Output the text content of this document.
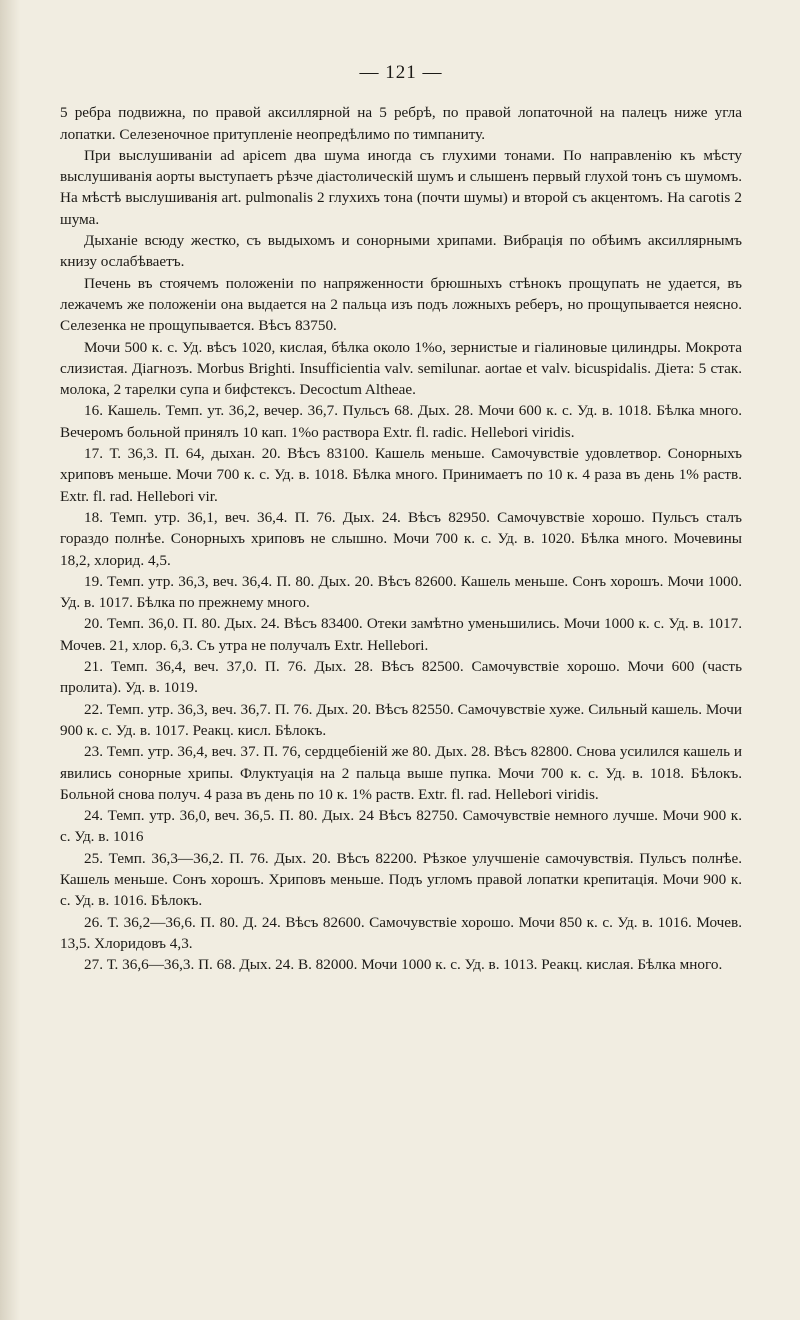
— 121 —

5 ребра подвижна, по правой аксиллярной на 5 ребрѣ, по правой лопаточной на палецъ ниже угла лопатки. Селезеночное притупленіе неопредѣлимо по тимпаниту.

При выслушиваніи ad apicem два шума иногда съ глухими тонами. По направленію къ мѣсту выслушиванія аорты выступаетъ рѣзче діастолическій шумъ и слышенъ первый глухой тонъ съ шумомъ. На мѣстѣ выслушиванія art. pulmonalis 2 глухихъ тона (почти шумы) и второй съ акцентомъ. На сагоtis 2 шума.

Дыханіе всюду жестко, съ выдыхомъ и сонорными хрипами. Вибрація по обѣимъ аксиллярнымъ книзу ослабѣваетъ.

Печень въ стоячемъ положеніи по напряженности брюшныхъ стѣнокъ прощупать не удается, въ лежачемъ же положеніи она выдается на 2 пальца изъ подъ ложныхъ реберъ, но прощупывается неясно. Селезенка не прощупывается. Вѣсъ 83750.

Мочи 500 к. с. Уд. вѣсъ 1020, кислая, бѣлка около 1%о, зернистые и гіалиновые цилиндры. Мокрота слизистая. Діагнозъ. Morbus Brighti. Insufficientia valv. semilunar. aortae et valv. bicuspidalis. Діета: 5 стак. молока, 2 тарелки супа и бифстексъ. Decoctum Althеae.

16. Кашель. Темп. ут. 36,2, вечер. 36,7. Пульсъ 68. Дых. 28. Мочи 600 к. с. Уд. в. 1018. Бѣлка много. Вечеромъ больной принялъ 10 кап. 1%о раствора Extr. fl. radic. Hellebori viridis.

17. Т. 36,3. П. 64, дыхан. 20. Вѣсъ 83100. Кашель меньше. Самочувствіе удовлетвор. Сонорныхъ хриповъ меньше. Мочи 700 к. с. Уд. в. 1018. Бѣлка много. Принимаетъ по 10 к. 4 раза въ день 1% раств. Extr. fl. rad. Hellebori vir.

18. Темп. утр. 36,1, веч. 36,4. П. 76. Дых. 24. Вѣсъ 82950. Самочувствіе хорошо. Пульсъ сталъ гораздо полнѣе. Сонорныхъ хриповъ не слышно. Мочи 700 к. с. Уд. в. 1020. Бѣлка много. Мочевины 18,2, хлорид. 4,5.

19. Темп. утр. 36,3, веч. 36,4. П. 80. Дых. 20. Вѣсъ 82600. Кашель меньше. Сонъ хорошъ. Мочи 1000. Уд. в. 1017. Бѣлка по прежнему много.

20. Темп. 36,0. П. 80. Дых. 24. Вѣсъ 83400. Отеки замѣтно уменьшились. Мочи 1000 к. с. Уд. в. 1017. Мочев. 21, хлор. 6,3. Съ утра не получалъ Extr. Hellebori.

21. Темп. 36,4, веч. 37,0. П. 76. Дых. 28. Вѣсъ 82500. Самочувствіе хорошо. Мочи 600 (часть пролита). Уд. в. 1019.

22. Темп. утр. 36,3, веч. 36,7. П. 76. Дых. 20. Вѣсъ 82550. Самочувствіе хуже. Сильный кашель. Мочи 900 к. с. Уд. в. 1017. Реакц. кисл. Бѣлокъ.

23. Темп. утр. 36,4, веч. 37. П. 76, сердцебіеній же 80. Дых. 28. Вѣсъ 82800. Снова усилился кашель и явились сонорные хрипы. Флуктуація на 2 пальца выше пупка. Мочи 700 к. с. Уд. в. 1018. Бѣлокъ. Больной снова получ. 4 раза въ день по 10 к. 1% раств. Extr. fl. rad. Hellebori viridis.

24. Темп. утр. 36,0, веч. 36,5. П. 80. Дых. 24 Вѣсъ 82750. Самочувствіе немного лучше. Мочи 900 к. с. Уд. в. 1016

25. Темп. 36,3—36,2. П. 76. Дых. 20. Вѣсъ 82200. Рѣзкое улучшеніе самочувствія. Пульсъ полнѣе. Кашель меньше. Сонъ хорошъ. Хриповъ меньше. Подъ угломъ правой лопатки крепитація. Мочи 900 к. с. Уд. в. 1016. Бѣлокъ.

26. Т. 36,2—36,6. П. 80. Д. 24. Вѣсъ 82600. Самочувствіе хорошо. Мочи 850 к. с. Уд. в. 1016. Мочев. 13,5. Хлоридовъ 4,3.

27. Т. 36,6—36,3. П. 68. Дых. 24. В. 82000. Мочи 1000 к. с. Уд. в. 1013. Реакц. кислая. Бѣлка много.
